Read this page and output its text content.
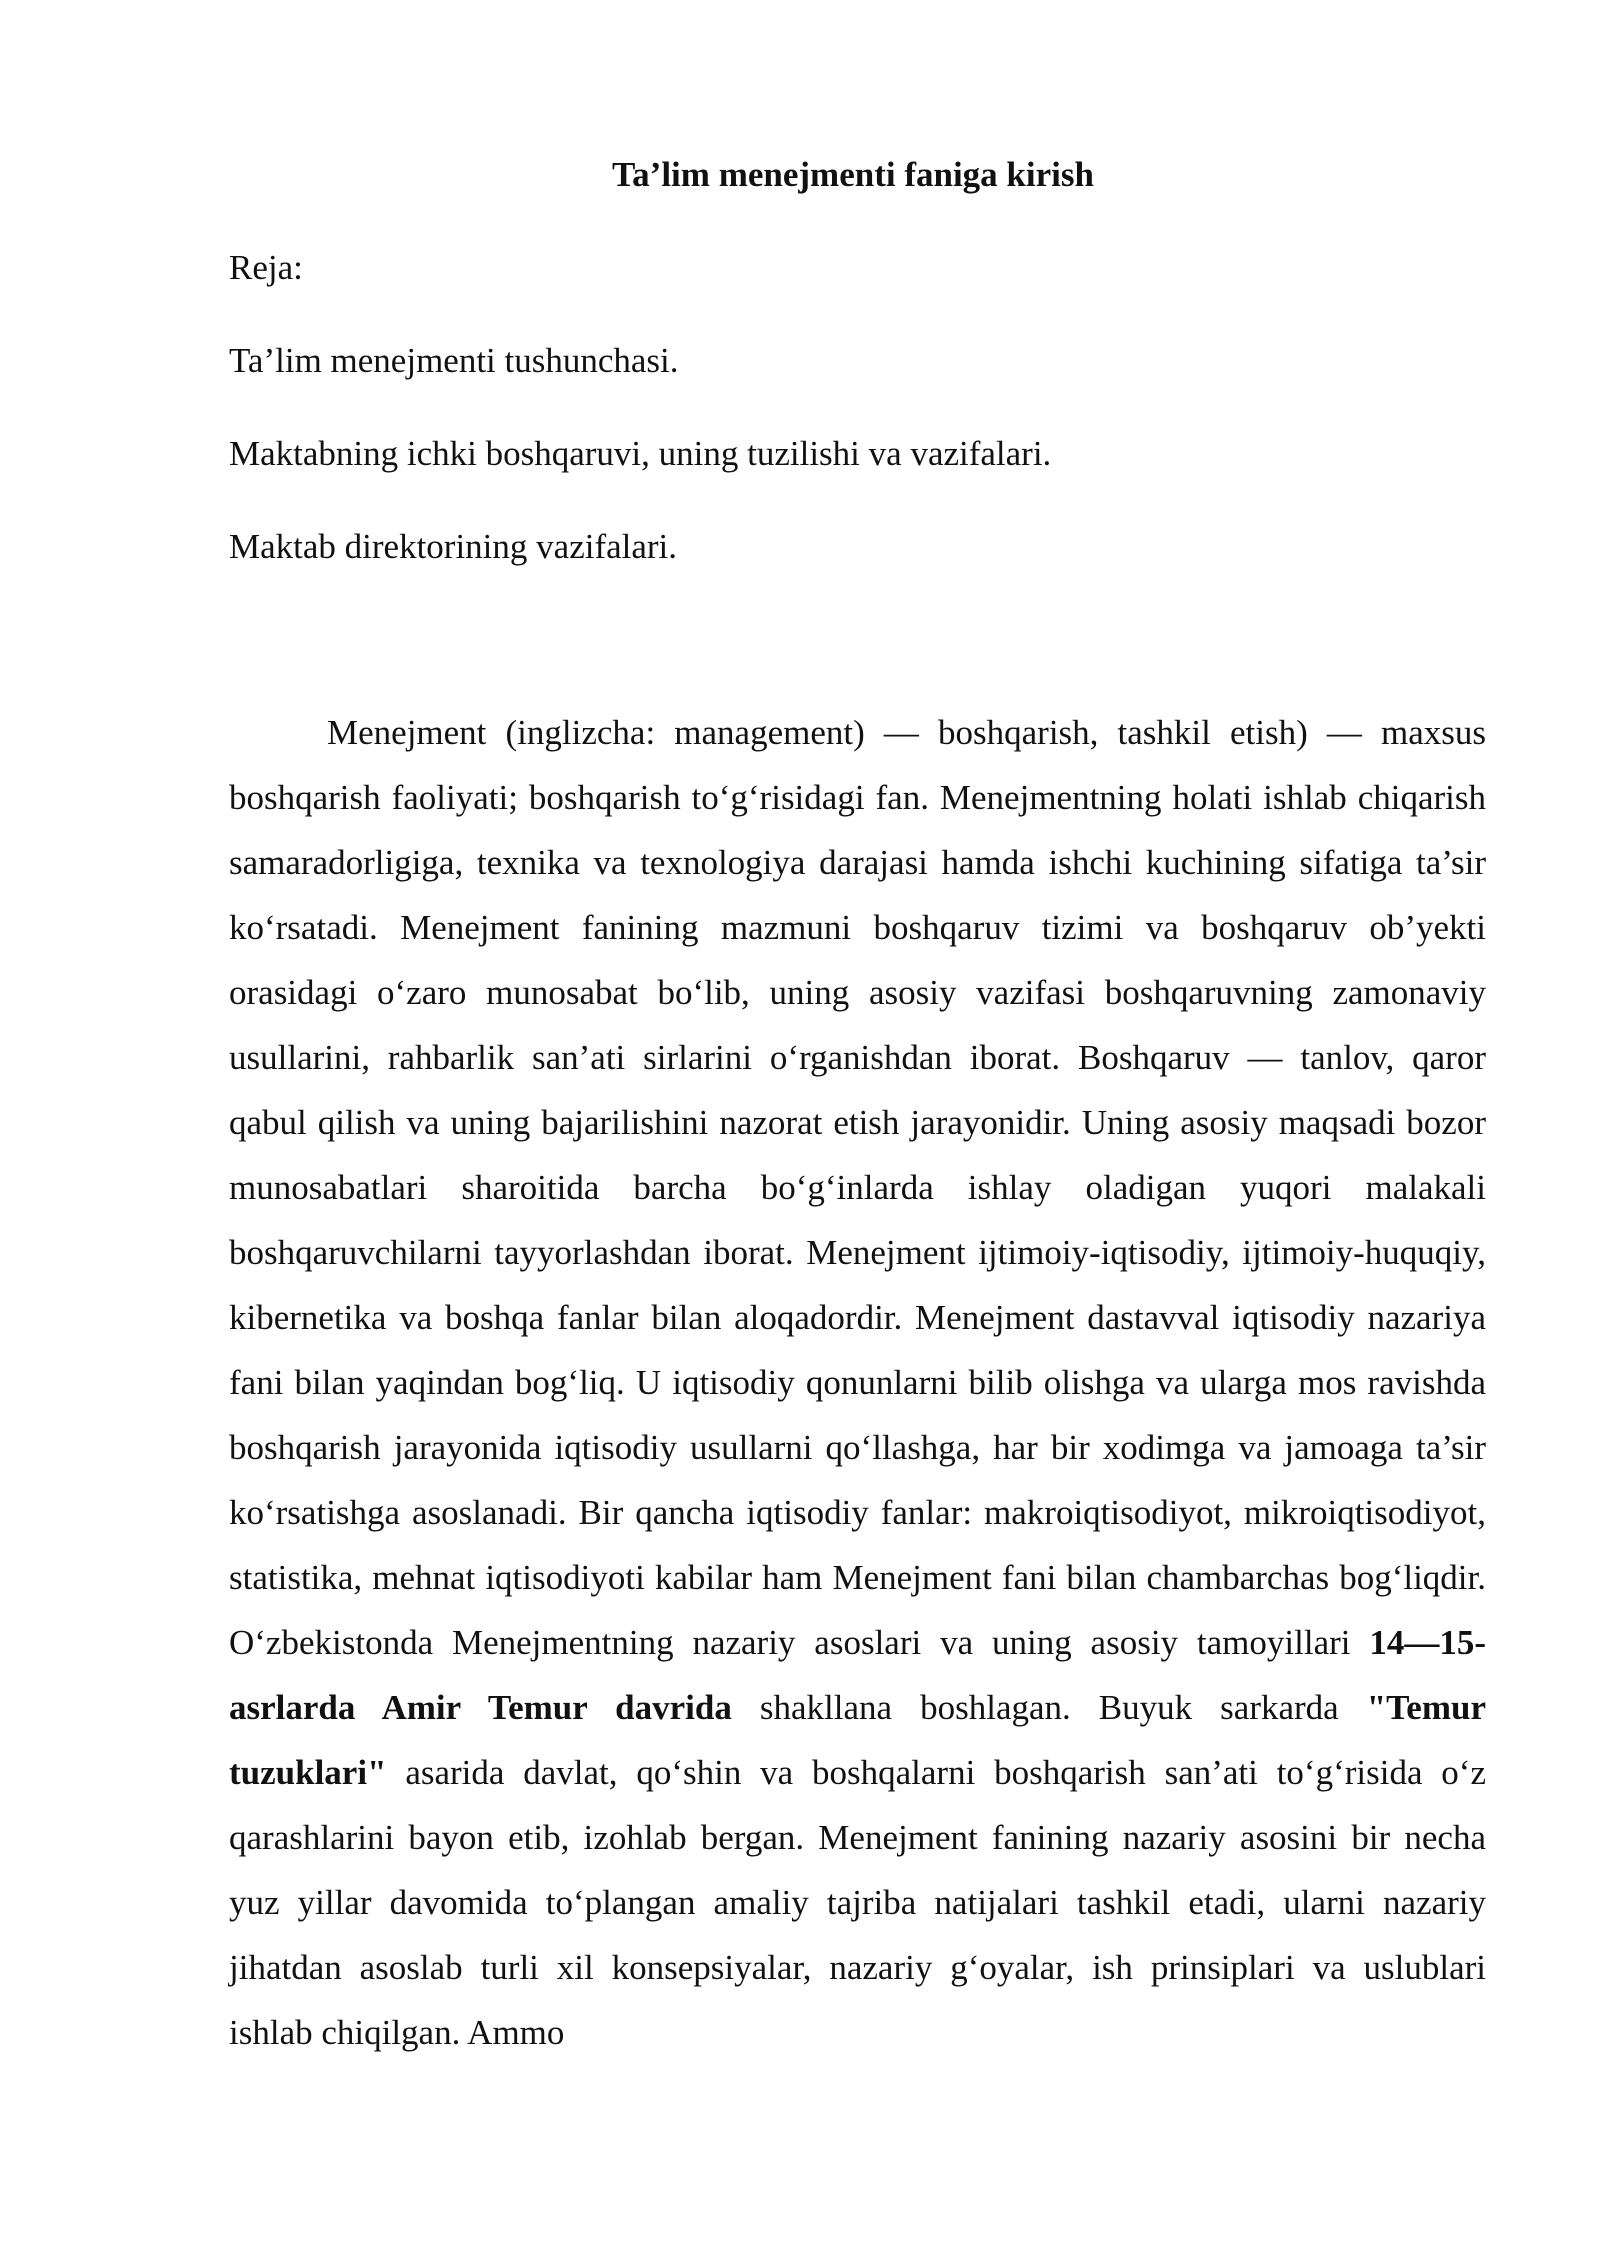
Ta’lim menejmenti faniga kirish
Reja:
Ta’lim menejmenti tushunchasi.
Maktabning ichki boshqaruvi, uning tuzilishi va vazifalari.
Maktab direktorining vazifalari.

Menejment (inglizcha: management) — boshqarish, tashkil etish) — maxsus boshqarish faoliyati; boshqarish to‘g‘risidagi fan. Menejmentning holati ishlab chiqarish samaradorligiga, texnika va texnologiya darajasi hamda ishchi kuchining sifatiga ta’sir ko‘rsatadi. Menejment fanining mazmuni boshqaruv tizimi va boshqaruv ob’yekti orasidagi o‘zaro munosabat bo‘lib, uning asosiy vazifasi boshqaruvning zamonaviy usullarini, rahbarlik san’ati sirlarini o‘rganishdan iborat. Boshqaruv — tanlov, qaror qabul qilish va uning bajarilishini nazorat etish jarayonidir. Uning asosiy maqsadi bozor munosabatlari sharoitida barcha bo‘g‘inlarda ishlay oladigan yuqori malakali boshqaruvchilarni tayyorlashdan iborat. Menejment ijtimoiy-iqtisodiy, ijtimoiy-huquqiy, kibernetika va boshqa fanlar bilan aloqadordir. Menejment dastavval iqtisodiy nazariya fani bilan yaqindan bog‘liq. U iqtisodiy qonunlarni bilib olishga va ularga mos ravishda boshqarish jarayonida iqtisodiy usullarni qo‘llashga, har bir xodimga va jamoaga ta’sir ko‘rsatishga asoslanadi. Bir qancha iqtisodiy fanlar: makroiqtisodiyot, mikroiqtisodiyot, statistika, mehnat iqtisodiyoti kabilar ham Menejment fani bilan chambarchas bog‘liqdir. O‘zbekistonda Menejmentning nazariy asoslari va uning asosiy tamoyillari 14—15-asrlarda Amir Temur davrida shakllana boshlagan. Buyuk sarkarda "Temur tuzuklari" asarida davlat, qo‘shin va boshqalarni boshqarish san’ati to‘g‘risida o‘z qarashlarini bayon etib, izohlab bergan. Menejment fanining nazariy asosini bir necha yuz yillar davomida to‘plangan amaliy tajriba natijalari tashkil etadi, ularni nazariy jihatdan asoslab turli xil konsepsiyalar, nazariy g‘oyalar, ish prinsiplari va uslublari ishlab chiqilgan. Ammo
